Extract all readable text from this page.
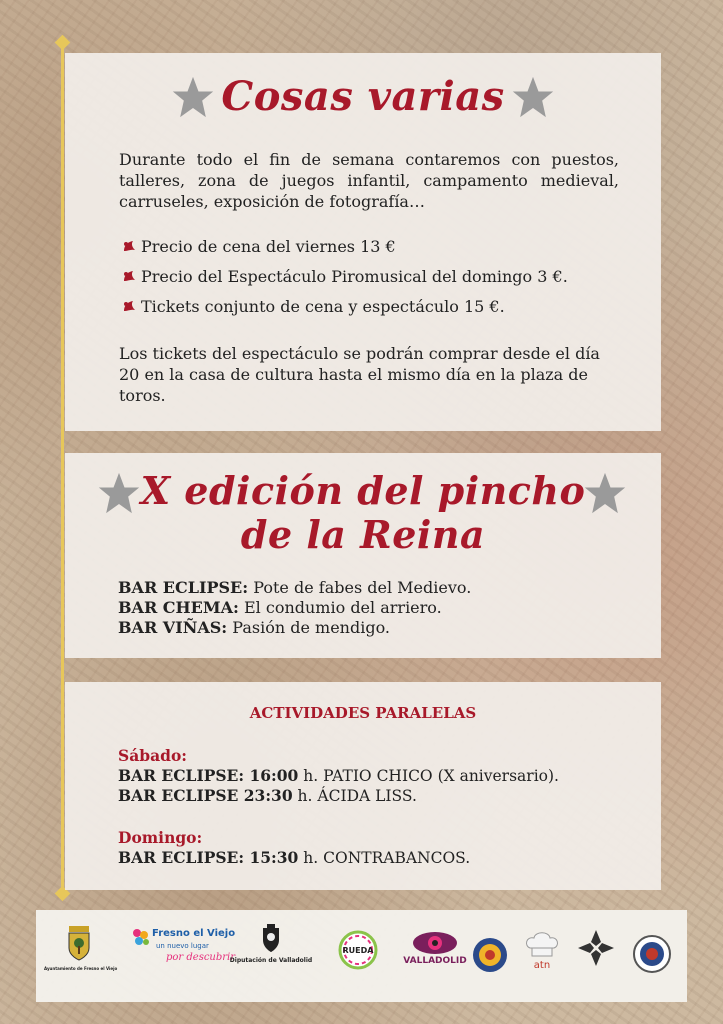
Cosas varias
Durante todo el fin de semana contaremos con puestos, talleres, zona de juegos infantil, campamento medieval, carruseles, exposición de fotografía…
Precio de cena del viernes 13 €
Precio del Espectáculo Piromusical del domingo 3 €.
Tickets conjunto de cena y espectáculo 15 €.
Los tickets del espectáculo se podrán comprar desde el día 20 en la casa de cultura hasta el mismo día en la plaza de toros.
X edición del pincho
de la Reina
BAR ECLIPSE: Pote de fabes del Medievo.
BAR CHEMA: El condumio del arriero.
BAR VIÑAS: Pasión de mendigo.
ACTIVIDADES PARALELAS
Sábado:
BAR ECLIPSE: 16:00 h. PATIO CHICO (X aniversario).
BAR ECLIPSE 23:30 h. ÁCIDA LISS.
Domingo:
BAR ECLIPSE: 15:30 h. CONTRABANCOS.
Ayuntamiento de Fresno el Viejo
Fresno el Viejo
un nuevo lugar
por descubrir
Diputación de Valladolid
RUEDA
VALLADOLID	atn
